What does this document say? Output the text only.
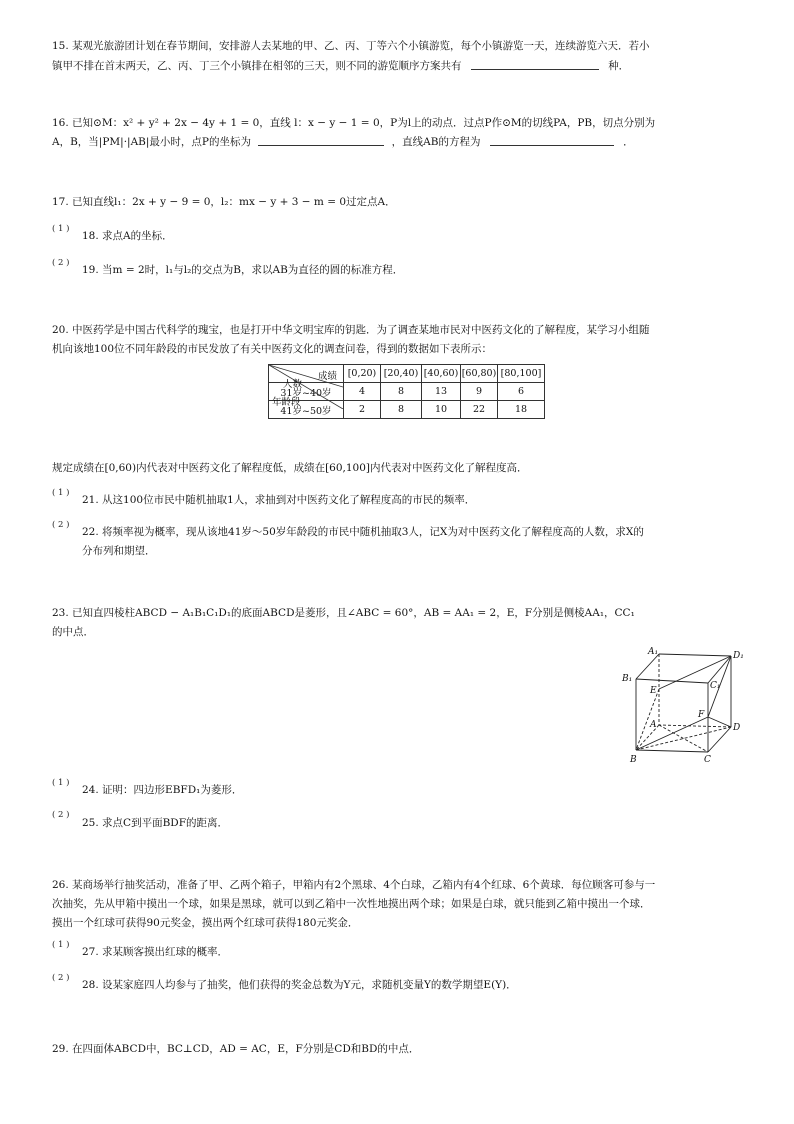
15. 某观光旅游团计划在春节期间，安排游人去某地的甲、乙、丙、丁等六个小镇游览，每个小镇游览一天，连续游览六天．若小
镇甲不排在首末两天，乙、丙、丁三个小镇排在相邻的三天，则不同的游览顺序方案共有	种．
16. 已知⊙M：x² + y² + 2x − 4y + 1 = 0，直线 l：x − y − 1 = 0，P为l上的动点．过点P作⊙M的切线PA，PB，切点分别为
A，B，当|PM|·|AB|最小时，点P的坐标为	，直线AB的方程为	．
17. 已知直线l₁：2x + y − 9 = 0，l₂：mx − y + 3 − m = 0过定点A．
( 1 )
18. 求点A的坐标．
( 2 )
19. 当m = 2时，l₁与l₂的交点为B，求以AB为直径的圆的标准方程．
20. 中医药学是中国古代科学的瑰宝，也是打开中华文明宝库的钥匙．为了调查某地市民对中医药文化的了解程度，某学习小组随
机向该地100位不同年龄段的市民发放了有关中医药文化的调查问卷，得到的数据如下表所示：
成绩
人数
年龄段	[0,20)	[20,40)	[40,60)	[60,80)	[80,100]
31岁~40岁	4	8	13	9	6
41岁~50岁	2	8	10	22	18
规定成绩在[0,60)内代表对中医药文化了解程度低，成绩在[60,100]内代表对中医药文化了解程度高．
( 1 )
21. 从这100位市民中随机抽取1人，求抽到对中医药文化了解程度高的市民的频率．
( 2 )
22. 将频率视为概率，现从该地41岁～50岁年龄段的市民中随机抽取3人，记X为对中医药文化了解程度高的人数，求X的
分布列和期望．
23. 已知直四棱柱ABCD − A₁B₁C₁D₁的底面ABCD是菱形，且∠ABC = 60°，AB = AA₁ = 2，E，F分别是侧棱AA₁，CC₁
的中点．
A₁	D₁
B₁
C₁
E
F
A	D
B	C
( 1 )
24. 证明：四边形EBFD₁为菱形．
( 2 )
25. 求点C到平面BDF的距离．
26. 某商场举行抽奖活动，准备了甲、乙两个箱子，甲箱内有2个黑球、4个白球，乙箱内有4个红球、6个黄球．每位顾客可参与一
次抽奖，先从甲箱中摸出一个球，如果是黑球，就可以到乙箱中一次性地摸出两个球；如果是白球，就只能到乙箱中摸出一个球．
摸出一个红球可获得90元奖金，摸出两个红球可获得180元奖金．
( 1 )
27. 求某顾客摸出红球的概率．
( 2 )
28. 设某家庭四人均参与了抽奖，他们获得的奖金总数为Y元，求随机变量Y的数学期望E(Y)．
29. 在四面体ABCD中，BC⊥CD，AD = AC，E，F分别是CD和BD的中点．
